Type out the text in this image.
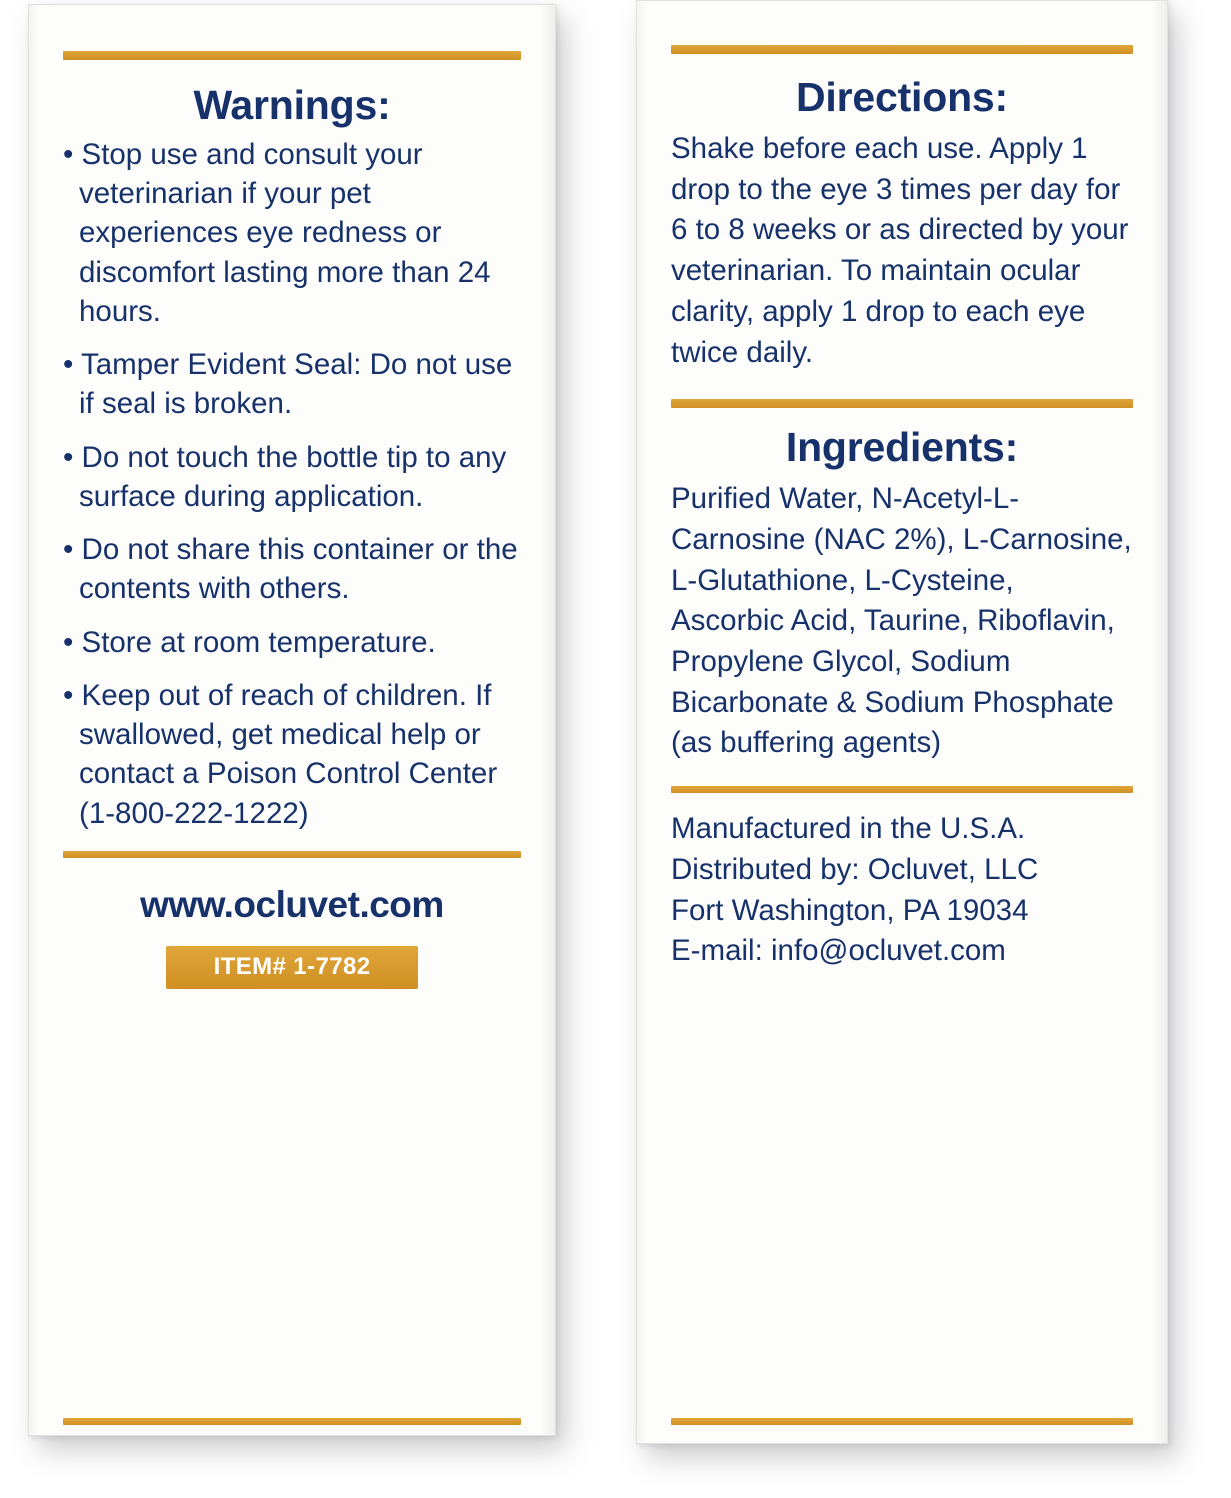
Warnings:
• Stop use and consult your veterinarian if your pet experiences eye redness or discomfort lasting more than 24 hours.
• Tamper Evident Seal: Do not use if seal is broken.
• Do not touch the bottle tip to any surface during application.
• Do not share this container or the contents with others.
• Store at room temperature.
• Keep out of reach of children. If swallowed, get medical help or contact a Poison Control Center (1-800-222-1222)
www.ocluvet.com
ITEM# 1-7782
Directions:

Shake before each use. Apply 1 drop to the eye 3 times per day for 6 to 8 weeks or as directed by your veterinarian. To maintain ocular clarity, apply 1 drop to each eye twice daily.

Ingredients:

Purified Water, N-Acetyl-L-Carnosine (NAC 2%), L-Carnosine, L-Glutathione, L-Cysteine, Ascorbic Acid, Taurine, Riboflavin, Propylene Glycol, Sodium Bicarbonate & Sodium Phosphate (as buffering agents)

Manufactured in the U.S.A.
Distributed by: Ocluvet, LLC
Fort Washington, PA 19034
E-mail: info@ocluvet.com
